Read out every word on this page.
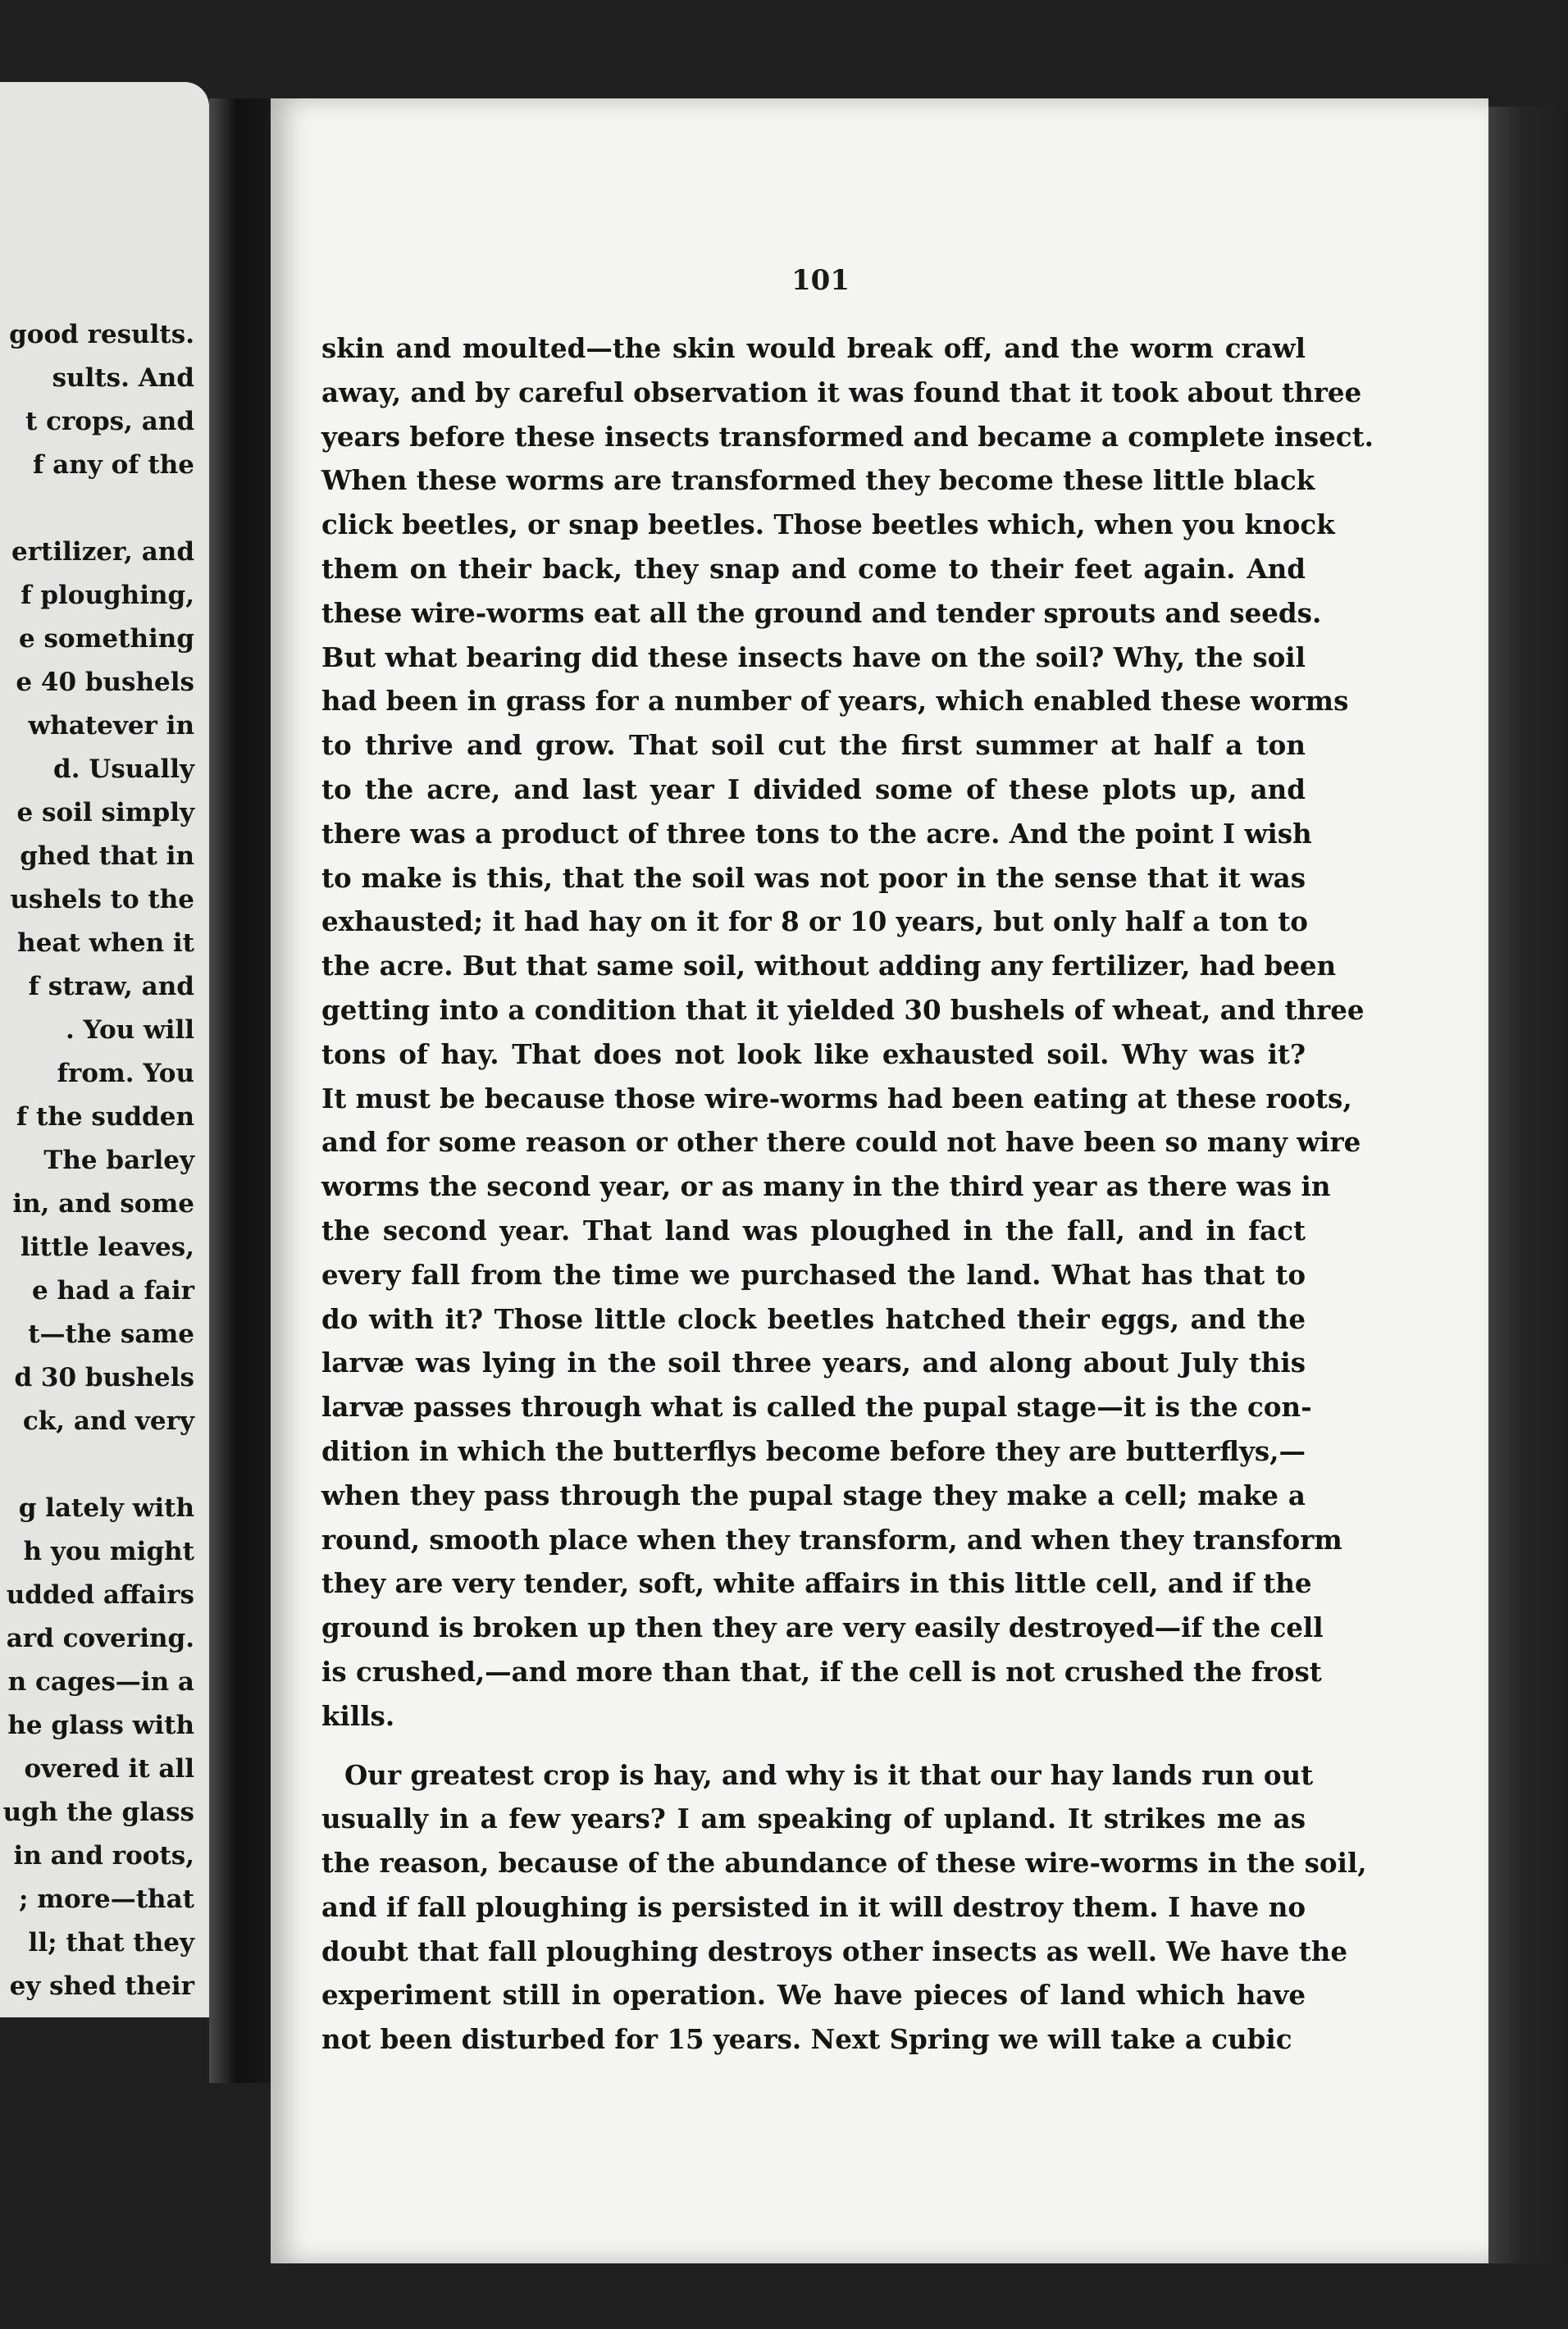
good results.
sults. And
t crops, and
f any of the
ertilizer, and
f ploughing,
e something
e 40 bushels
whatever in
d. Usually
e soil simply
ghed that in
ushels to the
heat when it
f straw, and
. You will
from. You
f the sudden
The barley
in, and some
little leaves,
e had a fair
t—the same
d 30 bushels
ck, and very
g lately with
h you might
udded affairs
ard covering.
n cages—in a
he glass with
overed it all
ugh the glass
in and roots,
; more—that
ll; that they
ey shed their
101
skin and moulted—the skin would break off, and the worm crawl
away, and by careful observation it was found that it took about three
years before these insects transformed and became a complete insect.
When these worms are transformed they become these little black
click beetles, or snap beetles. Those beetles which, when you knock
them on their back, they snap and come to their feet again. And
these wire-worms eat all the ground and tender sprouts and seeds.
But what bearing did these insects have on the soil? Why, the soil
had been in grass for a number of years, which enabled these worms
to thrive and grow. That soil cut the first summer at half a ton
to the acre, and last year I divided some of these plots up, and
there was a product of three tons to the acre. And the point I wish
to make is this, that the soil was not poor in the sense that it was
exhausted; it had hay on it for 8 or 10 years, but only half a ton to
the acre. But that same soil, without adding any fertilizer, had been
getting into a condition that it yielded 30 bushels of wheat, and three
tons of hay. That does not look like exhausted soil. Why was it?
It must be because those wire-worms had been eating at these roots,
and for some reason or other there could not have been so many wire
worms the second year, or as many in the third year as there was in
the second year. That land was ploughed in the fall, and in fact
every fall from the time we purchased the land. What has that to
do with it? Those little clock beetles hatched their eggs, and the
larvæ was lying in the soil three years, and along about July this
larvæ passes through what is called the pupal stage—it is the con-
dition in which the butterflys become before they are butterflys,—
when they pass through the pupal stage they make a cell; make a
round, smooth place when they transform, and when they transform
they are very tender, soft, white affairs in this little cell, and if the
ground is broken up then they are very easily destroyed—if the cell
is crushed,—and more than that, if the cell is not crushed the frost
kills.
Our greatest crop is hay, and why is it that our hay lands run out
usually in a few years? I am speaking of upland. It strikes me as
the reason, because of the abundance of these wire-worms in the soil,
and if fall ploughing is persisted in it will destroy them. I have no
doubt that fall ploughing destroys other insects as well. We have the
experiment still in operation. We have pieces of land which have
not been disturbed for 15 years. Next Spring we will take a cubic
